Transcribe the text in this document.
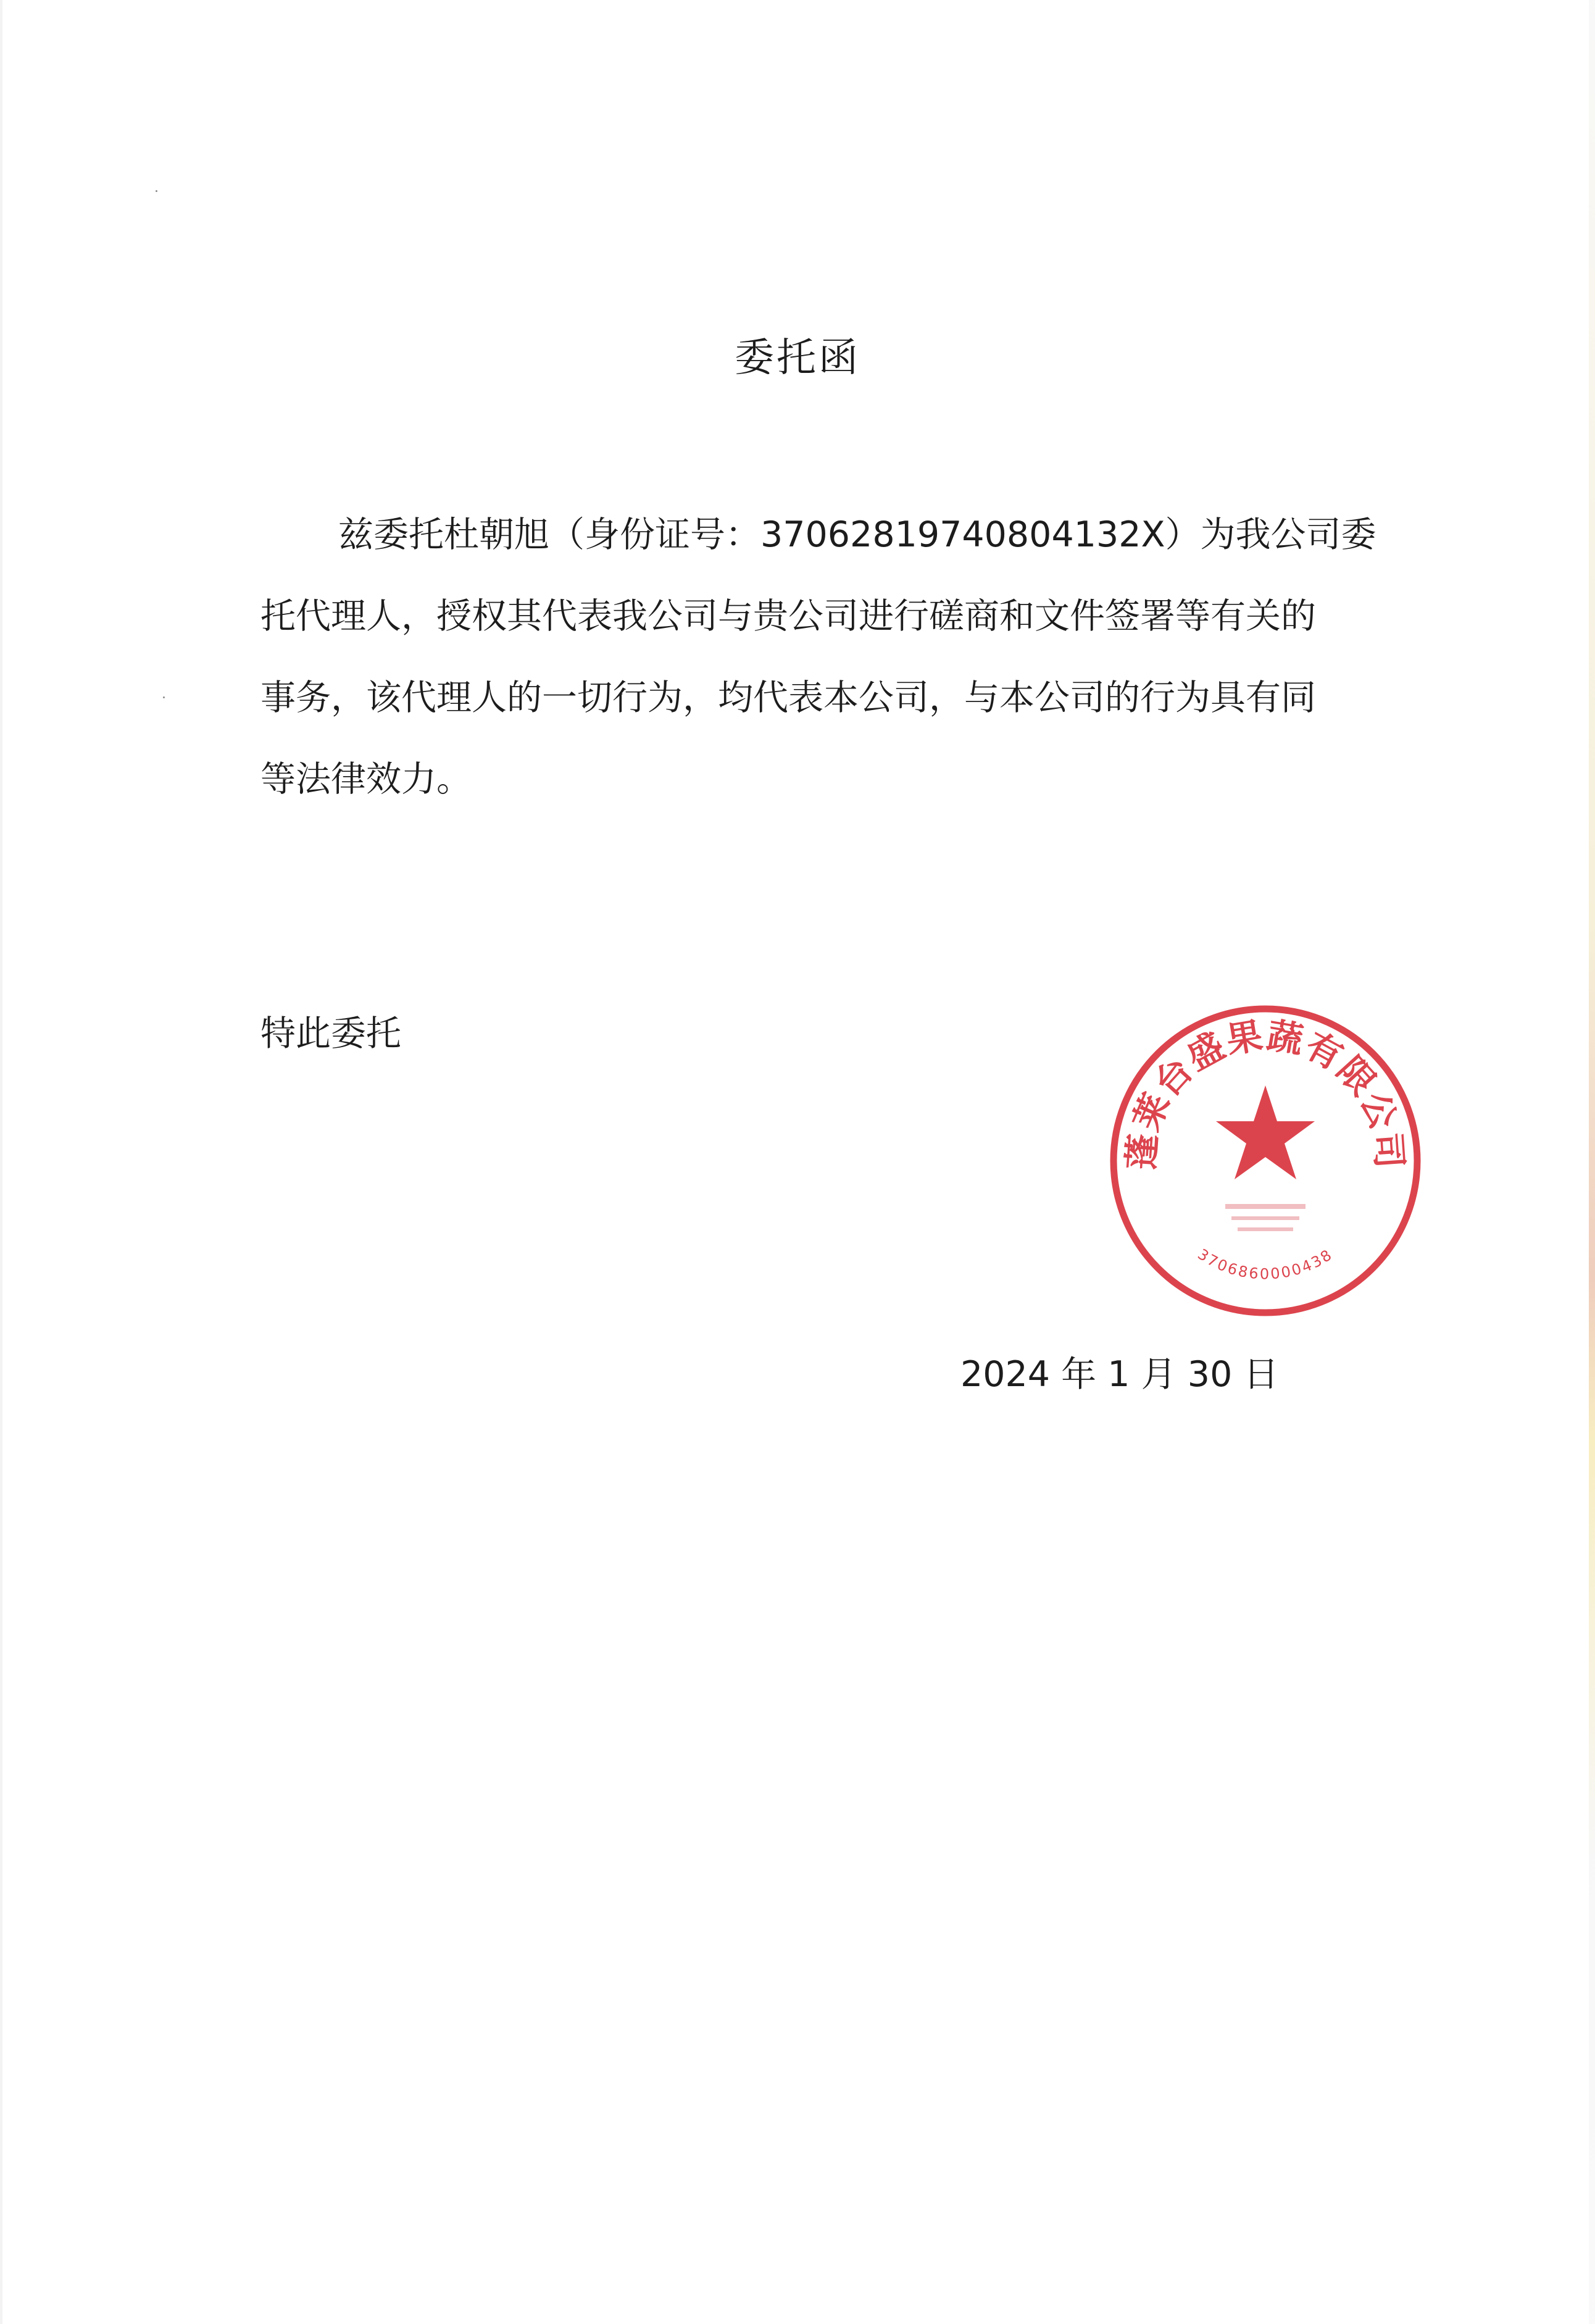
委托函
兹委托杜朝旭（身份证号：37062819740804132X）为我公司委
托代理人，授权其代表我公司与贵公司进行磋商和文件签署等有关的
事务，该代理人的一切行为，均代表本公司，与本公司的行为具有同
等法律效力。
特此委托
蓬莱台盛果蔬有限公司
3706860000438
2024 年 1 月 30 日
